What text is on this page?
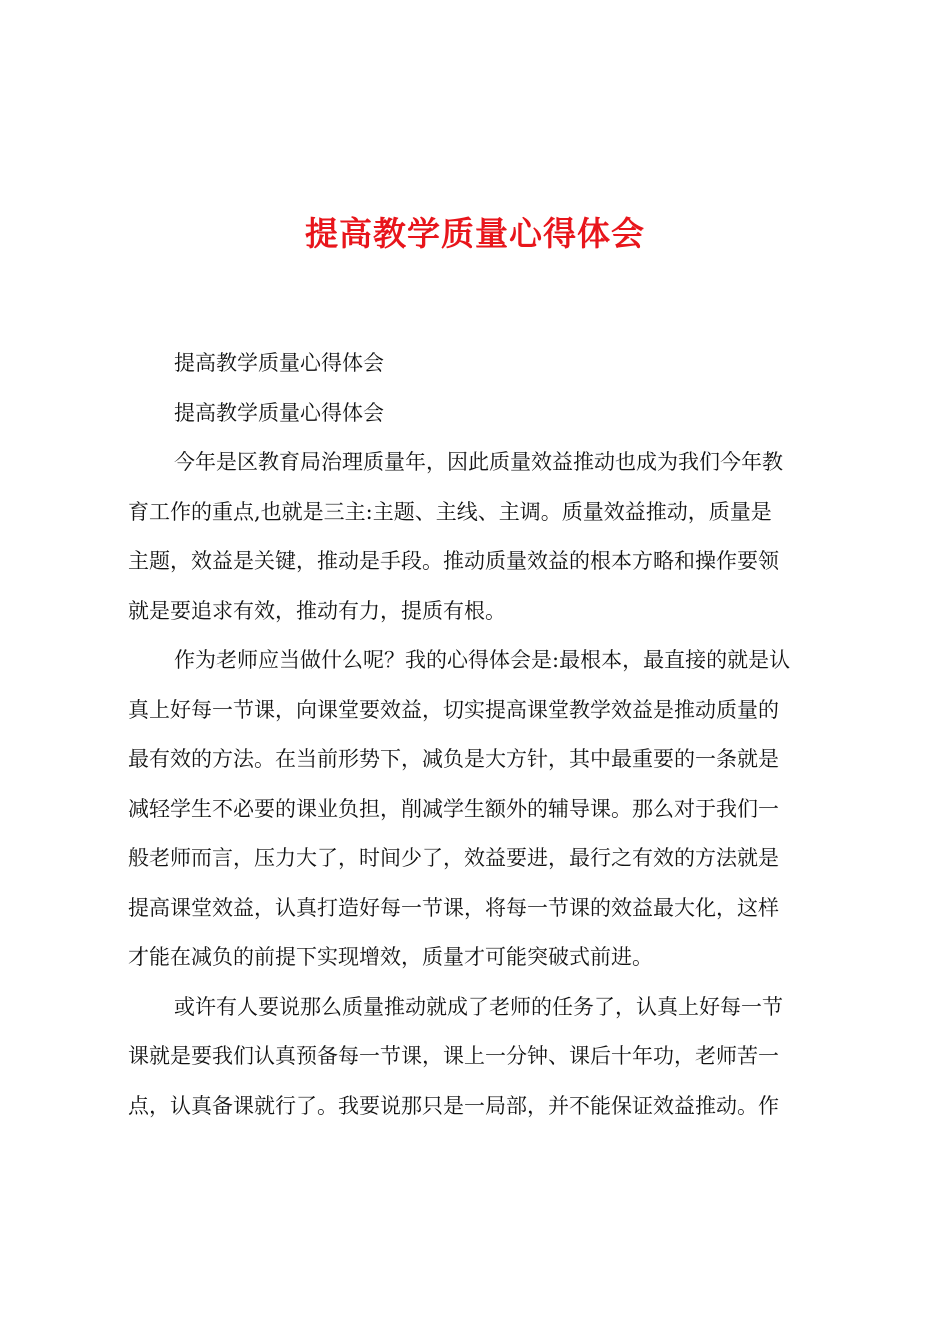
提高教学质量心得体会
提高教学质量心得体会
提高教学质量心得体会
今年是区教育局治理质量年，因此质量效益推动也成为我们今年教
育工作的重点,也就是三主:主题、主线、主调。质量效益推动，质量是
主题，效益是关键，推动是手段。推动质量效益的根本方略和操作要领
就是要追求有效，推动有力，提质有根。
作为老师应当做什么呢？我的心得体会是:最根本，最直接的就是认
真上好每一节课，向课堂要效益，切实提高课堂教学效益是推动质量的
最有效的方法。在当前形势下，减负是大方针，其中最重要的一条就是
减轻学生不必要的课业负担，削减学生额外的辅导课。那么对于我们一
般老师而言，压力大了，时间少了，效益要进，最行之有效的方法就是
提高课堂效益，认真打造好每一节课，将每一节课的效益最大化，这样
才能在减负的前提下实现增效，质量才可能突破式前进。
或许有人要说那么质量推动就成了老师的任务了，认真上好每一节
课就是要我们认真预备每一节课，课上一分钟、课后十年功，老师苦一
点，认真备课就行了。我要说那只是一局部，并不能保证效益推动。作
